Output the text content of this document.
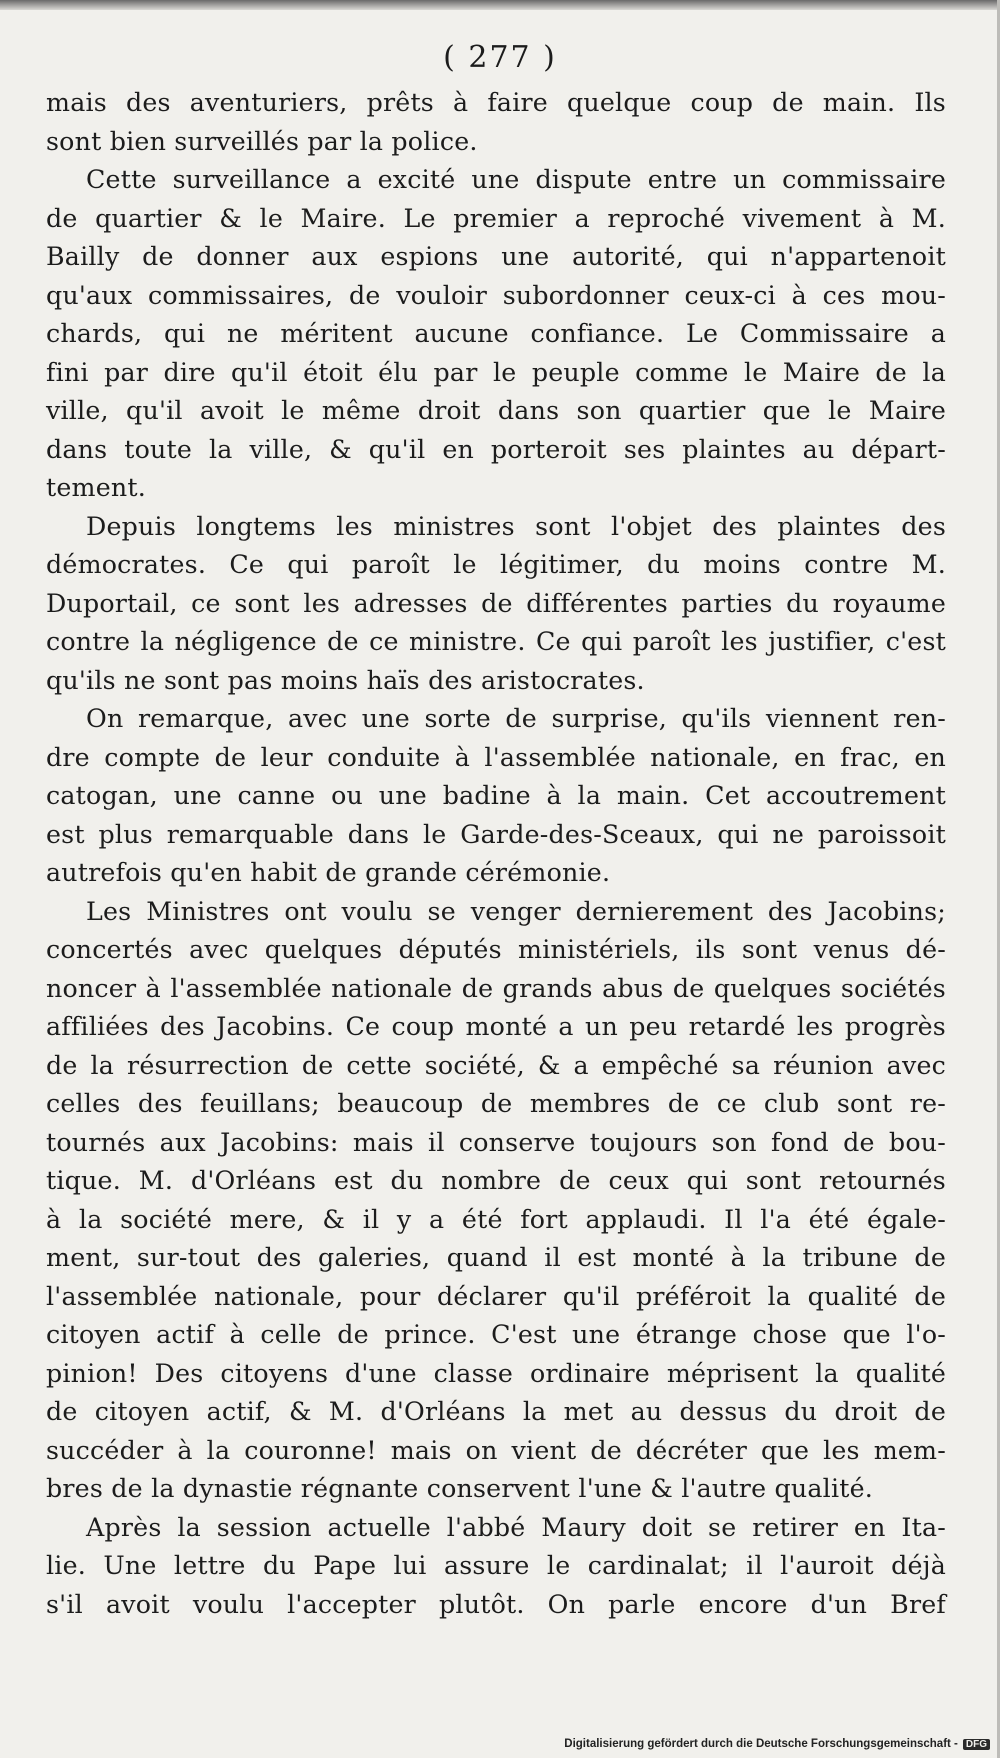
( 277 )
mais des aventuriers, prêts à faire quelque coup de main. Ils
sont bien surveillés par la police.
Cette surveillance a excité une dispute entre un commissaire
de quartier & le Maire. Le premier a reproché vivement à M.
Bailly de donner aux espions une autorité, qui n'appartenoit
qu'aux commissaires, de vouloir subordonner ceux-ci à ces mou-
chards, qui ne méritent aucune confiance. Le Commissaire a
fini par dire qu'il étoit élu par le peuple comme le Maire de la
ville, qu'il avoit le même droit dans son quartier que le Maire
dans toute la ville, & qu'il en porteroit ses plaintes au départ-
tement.
Depuis longtems les ministres sont l'objet des plaintes des
démocrates. Ce qui paroît le légitimer, du moins contre M.
Duportail, ce sont les adresses de différentes parties du royaume
contre la négligence de ce ministre. Ce qui paroît les justifier, c'est
qu'ils ne sont pas moins haïs des aristocrates.
On remarque, avec une sorte de surprise, qu'ils viennent ren-
dre compte de leur conduite à l'assemblée nationale, en frac, en
catogan, une canne ou une badine à la main. Cet accoutrement
est plus remarquable dans le Garde-des-Sceaux, qui ne paroissoit
autrefois qu'en habit de grande cérémonie.
Les Ministres ont voulu se venger dernierement des Jacobins;
concertés avec quelques députés ministériels, ils sont venus dé-
noncer à l'assemblée nationale de grands abus de quelques sociétés
affiliées des Jacobins. Ce coup monté a un peu retardé les progrès
de la résurrection de cette société, & a empêché sa réunion avec
celles des feuillans; beaucoup de membres de ce club sont re-
tournés aux Jacobins: mais il conserve toujours son fond de bou-
tique. M. d'Orléans est du nombre de ceux qui sont retournés
à la société mere, & il y a été fort applaudi. Il l'a été égale-
ment, sur-tout des galeries, quand il est monté à la tribune de
l'assemblée nationale, pour déclarer qu'il préféroit la qualité de
citoyen actif à celle de prince. C'est une étrange chose que l'o-
pinion! Des citoyens d'une classe ordinaire méprisent la qualité
de citoyen actif, & M. d'Orléans la met au dessus du droit de
succéder à la couronne! mais on vient de décréter que les mem-
bres de la dynastie régnante conservent l'une & l'autre qualité.
Après la session actuelle l'abbé Maury doit se retirer en Ita-
lie. Une lettre du Pape lui assure le cardinalat; il l'auroit déjà
s'il avoit voulu l'accepter plutôt. On parle encore d'un Bref
Digitalisierung gefördert durch die Deutsche Forschungsgemeinschaft - DFG
